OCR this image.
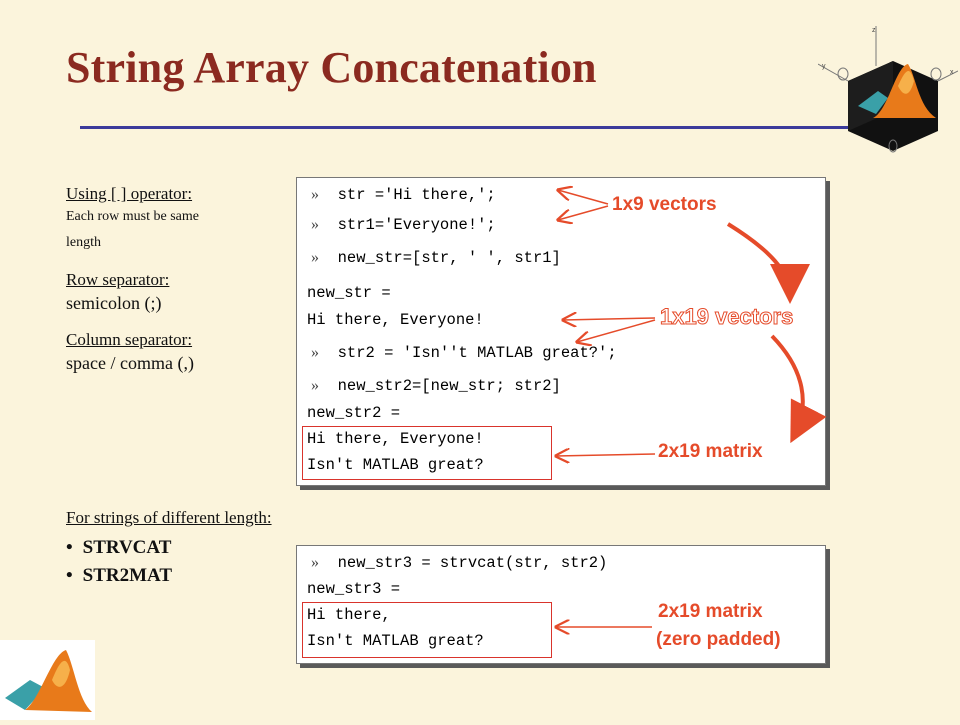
String Array Concatenation
z
y
x
Using [ ] operator:
Each row must be same
length
Row separator:
semicolon (;)
Column separator:
space / comma (,)
» str ='Hi there,';
» str1='Everyone!';
» new_str=[str, ' ', str1]
new_str =
Hi there, Everyone!
» str2 = 'Isn''t MATLAB great?';
» new_str2=[new_str; str2]
new_str2 =
Hi there, Everyone!
Isn't MATLAB great?
» new_str3 = strvcat(str, str2)
new_str3 =
Hi there,
Isn't MATLAB great?
1x9 vectors
1x19 vectors
2x19 matrix
2x19 matrix
(zero padded)
For strings of different length:
• STRVCAT
• STR2MAT
